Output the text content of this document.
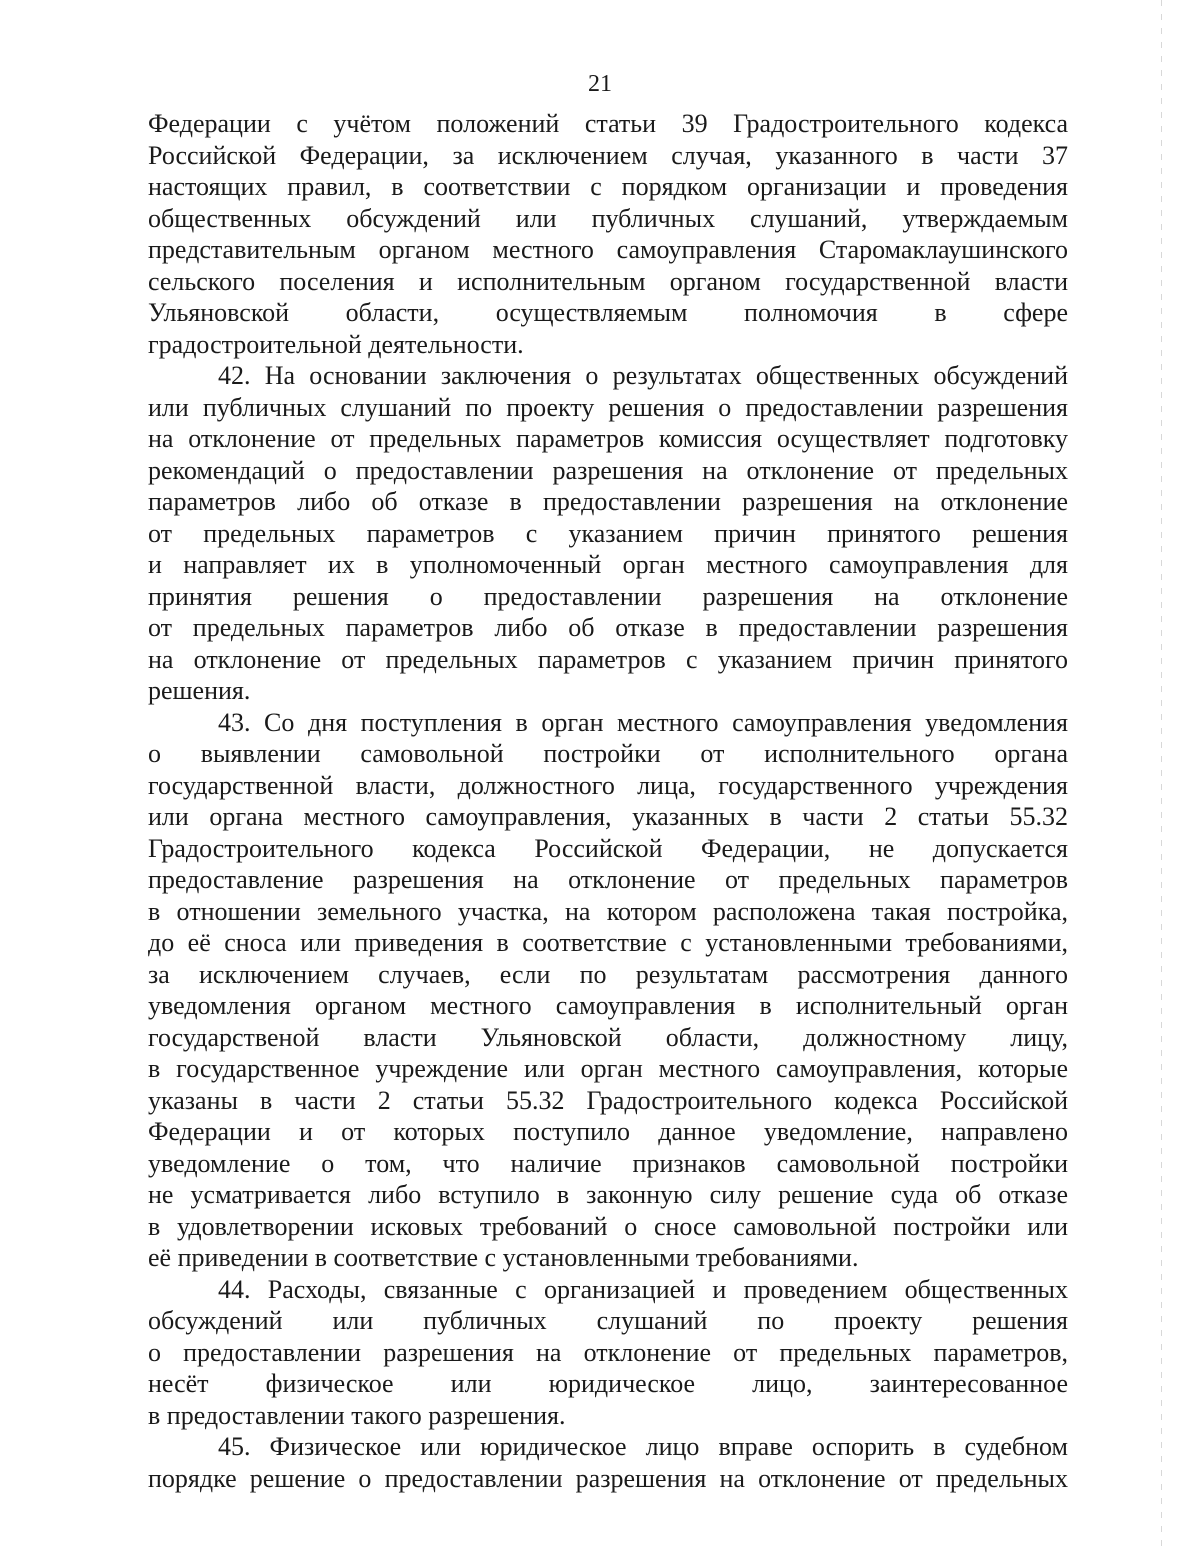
21

Федерации с учётом положений статьи 39 Градостроительного кодекса
Российской Федерации, за исключением случая, указанного в части 37
настоящих правил, в соответствии с порядком организации и проведения
общественных обсуждений или публичных слушаний, утверждаемым
представительным органом местного самоуправления Старомаклаушинского
сельского поселения и исполнительным органом государственной власти
Ульяновской области, осуществляемым полномочия в сфере
градостроительной деятельности.

42. На основании заключения о результатах общественных обсуждений
или публичных слушаний по проекту решения о предоставлении разрешения
на отклонение от предельных параметров комиссия осуществляет подготовку
рекомендаций о предоставлении разрешения на отклонение от предельных
параметров либо об отказе в предоставлении разрешения на отклонение
от предельных параметров с указанием причин принятого решения
и направляет их в уполномоченный орган местного самоуправления для
принятия решения о предоставлении разрешения на отклонение
от предельных параметров либо об отказе в предоставлении разрешения
на отклонение от предельных параметров с указанием причин принятого
решения.

43. Со дня поступления в орган местного самоуправления уведомления
о выявлении самовольной постройки от исполнительного органа
государственной власти, должностного лица, государственного учреждения
или органа местного самоуправления, указанных в части 2 статьи 55.32
Градостроительного кодекса Российской Федерации, не допускается
предоставление разрешения на отклонение от предельных параметров
в отношении земельного участка, на котором расположена такая постройка,
до её сноса или приведения в соответствие с установленными требованиями,
за исключением случаев, если по результатам рассмотрения данного
уведомления органом местного самоуправления в исполнительный орган
государственой власти Ульяновской области, должностному лицу,
в государственное учреждение или орган местного самоуправления, которые
указаны в части 2 статьи 55.32 Градостроительного кодекса Российской
Федерации и от которых поступило данное уведомление, направлено
уведомление о том, что наличие признаков самовольной постройки
не усматривается либо вступило в законную силу решение суда об отказе
в удовлетворении исковых требований о сносе самовольной постройки или
её приведении в соответствие с установленными требованиями.

44. Расходы, связанные с организацией и проведением общественных
обсуждений или публичных слушаний по проекту решения
о предоставлении разрешения на отклонение от предельных параметров,
несёт физическое или юридическое лицо, заинтересованное
в предоставлении такого разрешения.

45. Физическое или юридическое лицо вправе оспорить в судебном
порядке решение о предоставлении разрешения на отклонение от предельных
